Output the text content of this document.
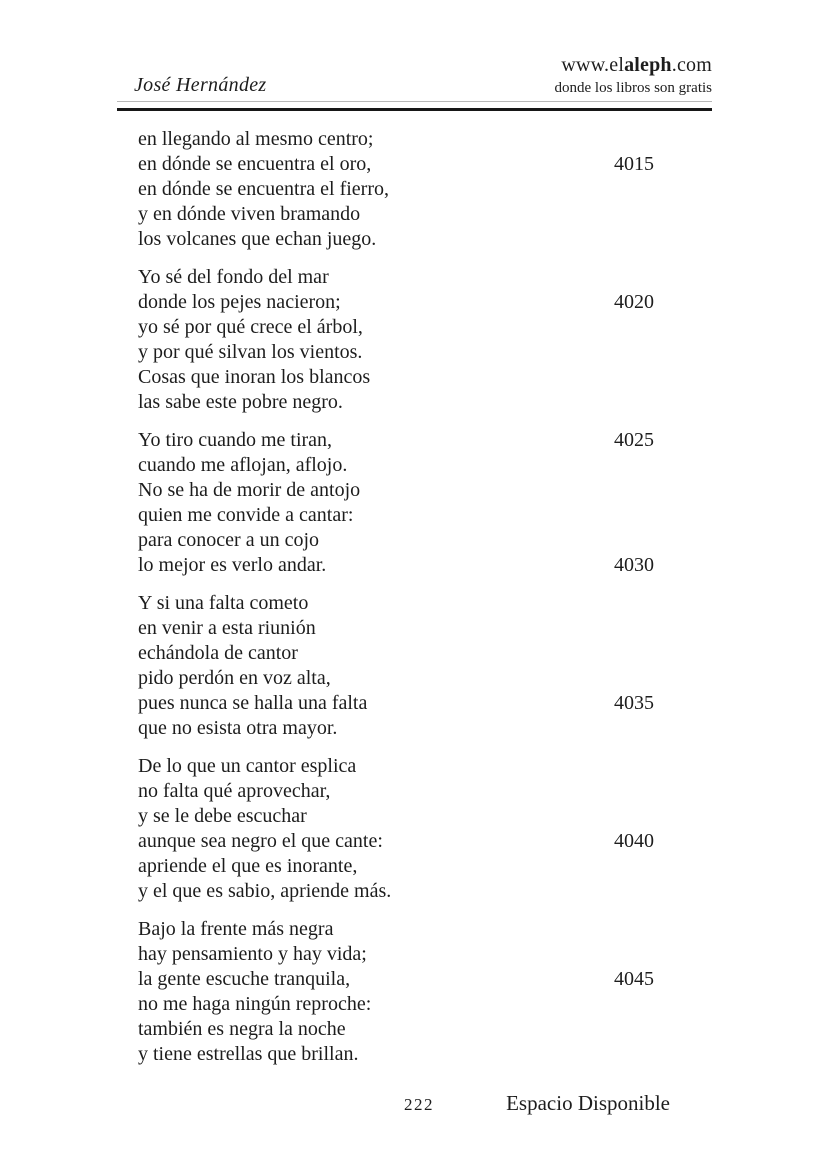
José Hernández
www.elaleph.com
donde los libros son gratis
en llegando al mesmo centro;
en dónde se encuentra el oro,	4015
en dónde se encuentra el fierro,
y en dónde viven bramando
los volcanes que echan juego.
Yo sé del fondo del mar
donde los pejes nacieron;	4020
yo sé por qué crece el árbol,
y por qué silvan los vientos.
Cosas que inoran los blancos
las sabe este pobre negro.
Yo tiro cuando me tiran,	4025
cuando me aflojan, aflojo.
No se ha de morir de antojo
quien me convide a cantar:
para conocer a un cojo
lo mejor es verlo andar.	4030
Y si una falta cometo
en venir a esta riunión
echándola de cantor
pido perdón en voz alta,
pues nunca se halla una falta	4035
que no esista otra mayor.
De lo que un cantor esplica
no falta qué aprovechar,
y se le debe escuchar
aunque sea negro el que cante:	4040
apriende el que es inorante,
y el que es sabio, apriende más.
Bajo la frente más negra
hay pensamiento y hay vida;
la gente escuche tranquila,	4045
no me haga ningún reproche:
también es negra la noche
y tiene estrellas que brillan.
222	Espacio Disponible
